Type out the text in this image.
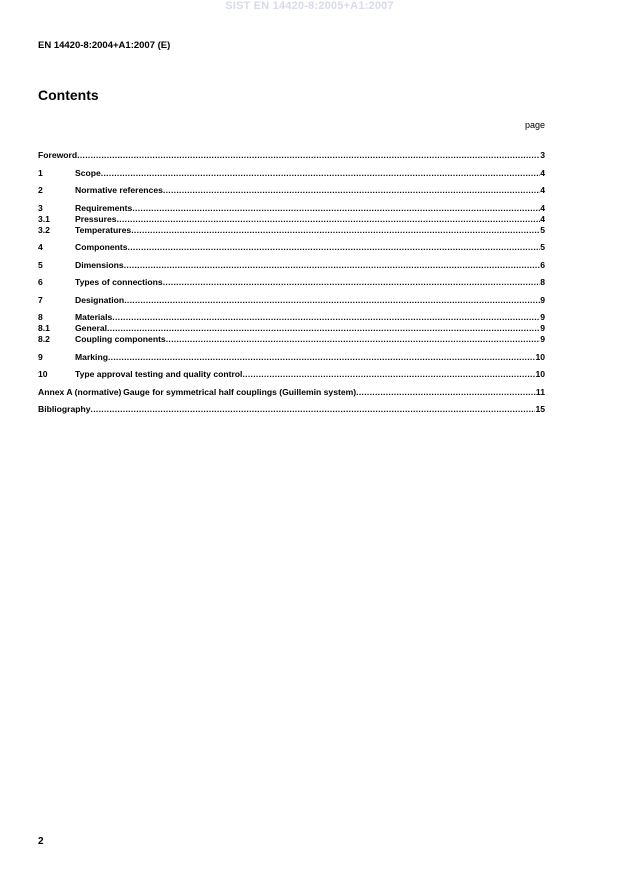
SIST EN 14420-8:2005+A1:2007
EN 14420-8:2004+A1:2007 (E)
Contents
page
Foreword .....	3
1	Scope .....	4
2	Normative references .....	4
3	Requirements .....	4
3.1	Pressures .....	4
3.2	Temperatures .....	5
4	Components .....	5
5	Dimensions .....	6
6	Types of connections .....	8
7	Designation .....	9
8	Materials .....	9
8.1	General .....	9
8.2	Coupling components .....	9
9	Marking .....	10
10	Type approval testing and quality control .....	10
Annex A (normative) Gauge for symmetrical half couplings (Guillemin system) .....	11
Bibliography .....	15
2
